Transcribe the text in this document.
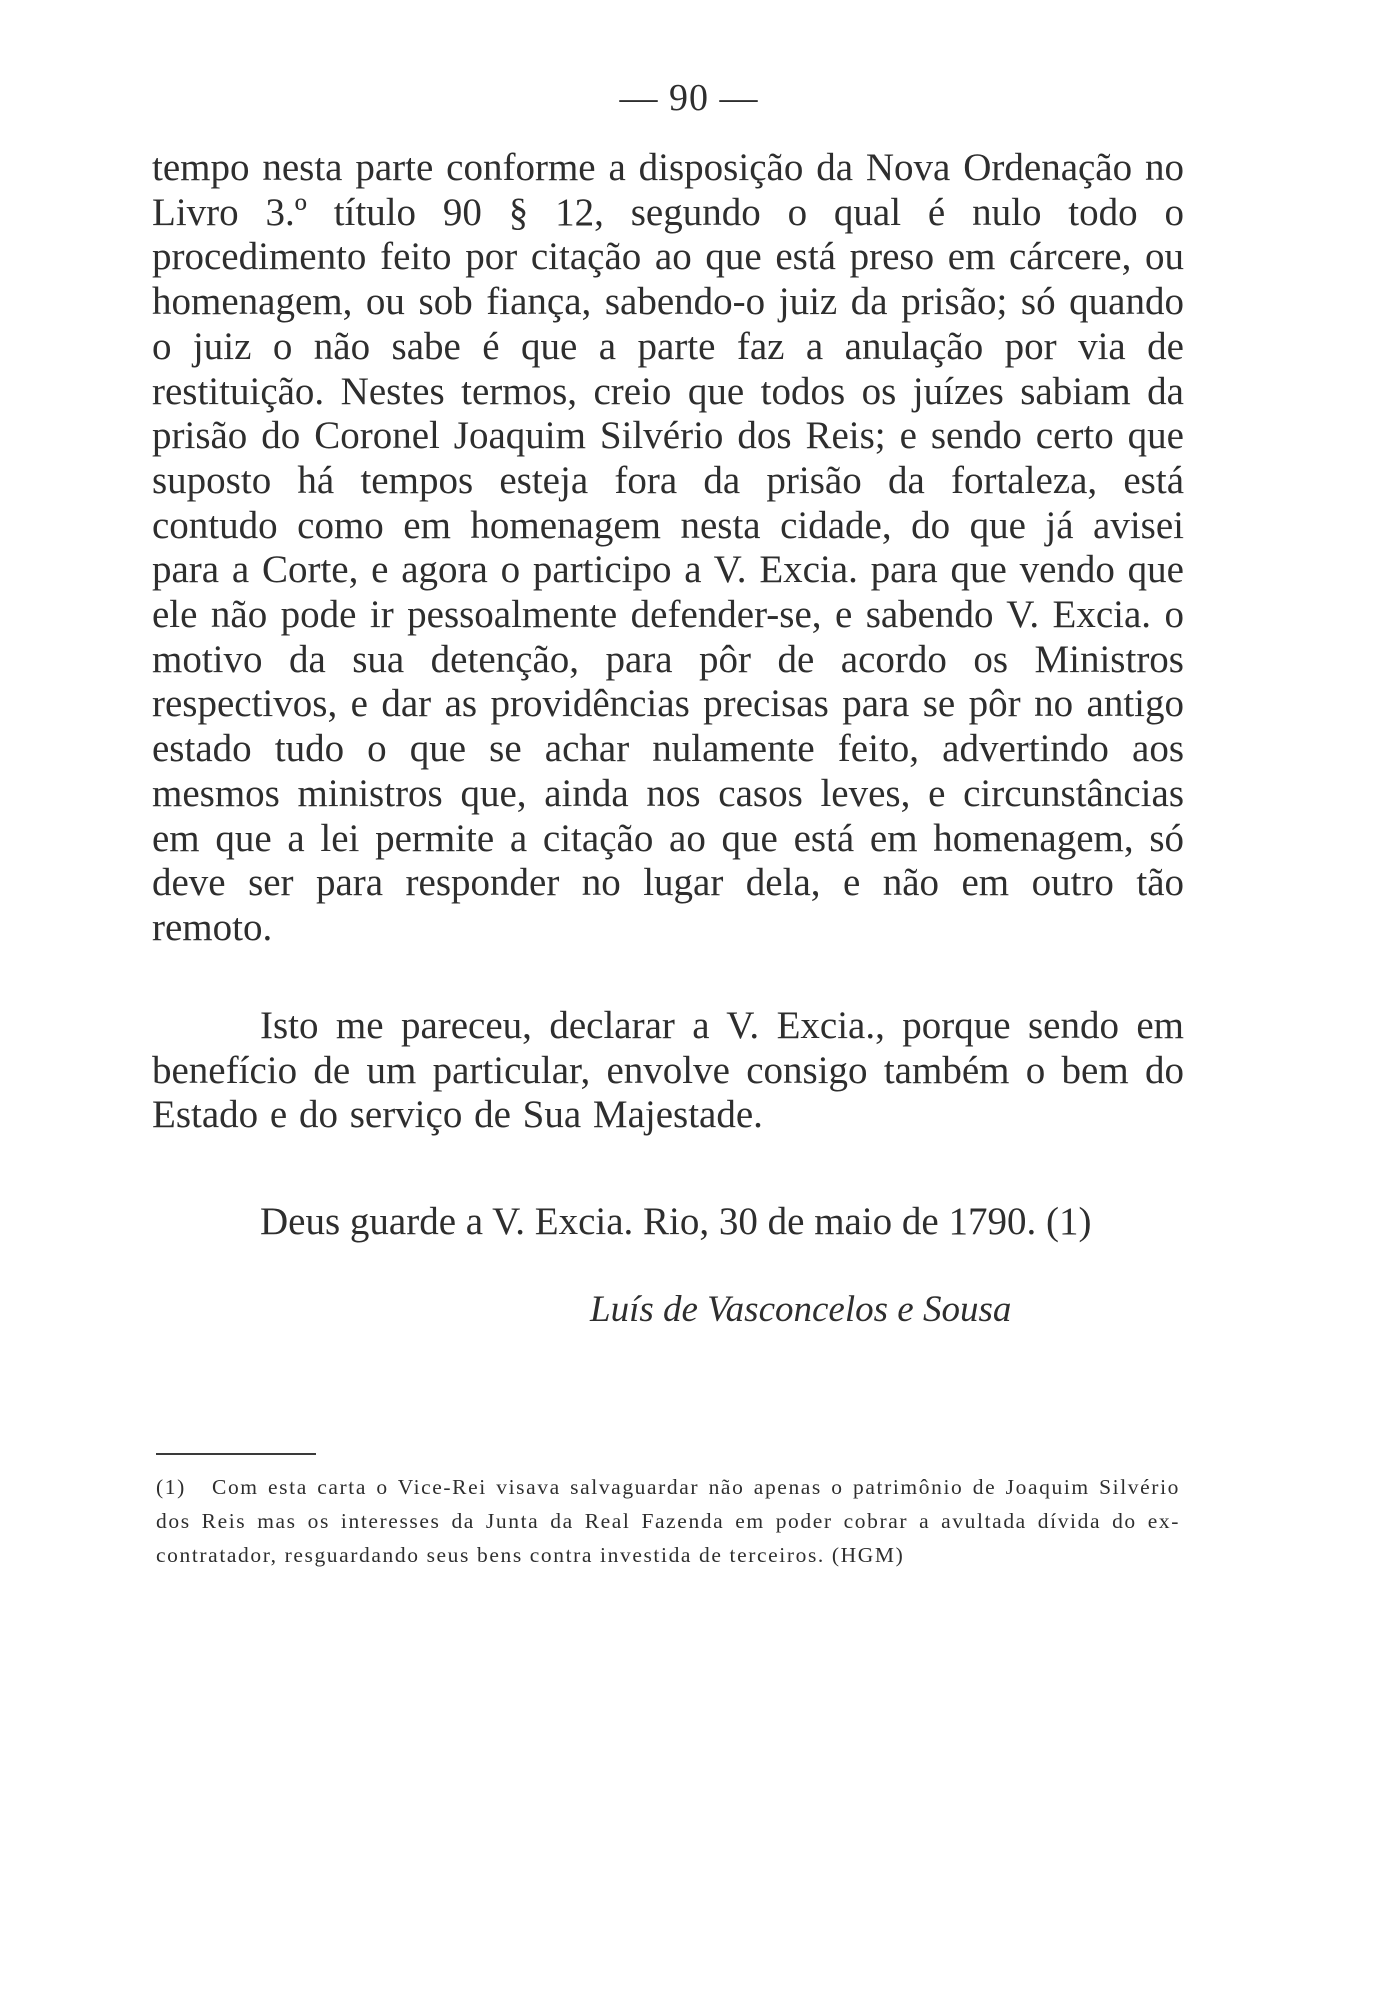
— 90 —

tempo nesta parte conforme a disposição da Nova Ordenação no Livro 3.º título 90 § 12, segundo o qual é nulo todo o procedimento feito por citação ao que está preso em cárcere, ou homenagem, ou sob fiança, sabendo-o juiz da prisão; só quando o juiz o não sabe é que a parte faz a anulação por via de restituição. Nestes termos, creio que todos os juízes sabiam da prisão do Coronel Joaquim Silvério dos Reis; e sendo certo que suposto há tempos esteja fora da prisão da fortaleza, está contudo como em homenagem nesta cidade, do que já avisei para a Corte, e agora o participo a V. Excia. para que vendo que ele não pode ir pessoalmente defender-se, e sabendo V. Excia. o motivo da sua detenção, para pôr de acordo os Ministros respectivos, e dar as providências precisas para se pôr no antigo estado tudo o que se achar nulamente feito, advertindo aos mesmos ministros que, ainda nos casos leves, e circunstâncias em que a lei permite a citação ao que está em homenagem, só deve ser para responder no lugar dela, e não em outro tão remoto.

Isto me pareceu, declarar a V. Excia., porque sendo em benefício de um particular, envolve consigo também o bem do Estado e do serviço de Sua Majestade.
Deus guarde a V. Excia. Rio, 30 de maio de 1790. (1)
Luís de Vasconcelos e Sousa
(1) Com esta carta o Vice-Rei visava salvaguardar não apenas o patrimônio de Joaquim Silvério dos Reis mas os interesses da Junta da Real Fazenda em poder cobrar a avultada dívida do ex-contratador, resguardando seus bens contra investida de terceiros. (HGM)
